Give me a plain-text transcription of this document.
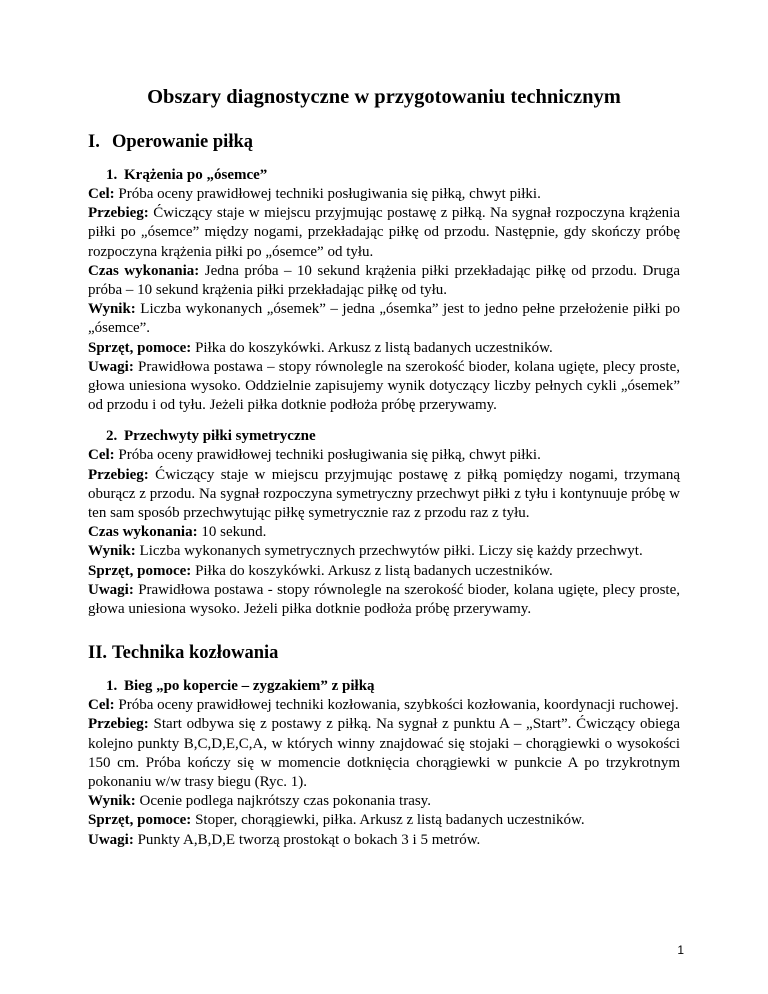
Obszary diagnostyczne w przygotowaniu technicznym
I. Operowanie piłką
1. Krążenia po „ósemce”

Cel: Próba oceny prawidłowej techniki posługiwania się piłką, chwyt piłki.

Przebieg: Ćwiczący staje w miejscu przyjmując postawę z piłką. Na sygnał rozpoczyna krążenia piłki po „ósemce” między nogami, przekładając piłkę od przodu. Następnie, gdy skończy próbę rozpoczyna krążenia piłki po „ósemce” od tyłu.

Czas wykonania: Jedna próba – 10 sekund krążenia piłki przekładając piłkę od przodu. Druga próba – 10 sekund krążenia piłki przekładając piłkę od tyłu.

Wynik: Liczba wykonanych „ósemek” – jedna „ósemka” jest to jedno pełne przełożenie piłki po „ósemce”.

Sprzęt, pomoce: Piłka do koszykówki. Arkusz z listą badanych uczestników.

Uwagi: Prawidłowa postawa – stopy równolegle na szerokość bioder, kolana ugięte, plecy proste, głowa uniesiona wysoko. Oddzielnie zapisujemy wynik dotyczący liczby pełnych cykli „ósemek” od przodu i od tyłu. Jeżeli piłka dotknie podłoża próbę przerywamy.

2. Przechwyty piłki symetryczne

Cel: Próba oceny prawidłowej techniki posługiwania się piłką, chwyt piłki.

Przebieg: Ćwiczący staje w miejscu przyjmując postawę z piłką pomiędzy nogami, trzymaną oburącz z przodu. Na sygnał rozpoczyna symetryczny przechwyt piłki z tyłu i kontynuuje próbę w ten sam sposób przechwytując piłkę symetrycznie raz z przodu raz z tyłu.

Czas wykonania: 10 sekund.

Wynik: Liczba wykonanych symetrycznych przechwytów piłki. Liczy się każdy przechwyt.

Sprzęt, pomoce: Piłka do koszykówki. Arkusz z listą badanych uczestników.

Uwagi: Prawidłowa postawa - stopy równolegle na szerokość bioder, kolana ugięte, plecy proste, głowa uniesiona wysoko. Jeżeli piłka dotknie podłoża próbę przerywamy.

II. Technika kozłowania
1. Bieg „po kopercie – zygzakiem” z piłką

Cel: Próba oceny prawidłowej techniki kozłowania, szybkości kozłowania, koordynacji ruchowej.

Przebieg: Start odbywa się z postawy z piłką. Na sygnał z punktu A – „Start”. Ćwiczący obiega kolejno punkty B,C,D,E,C,A, w których winny znajdować się stojaki – chorągiewki o wysokości 150 cm. Próba kończy się w momencie dotknięcia chorągiewki w punkcie A po trzykrotnym pokonaniu w/w trasy biegu (Ryc. 1).

Wynik: Ocenie podlega najkrótszy czas pokonania trasy.

Sprzęt, pomoce: Stoper, chorągiewki, piłka. Arkusz z listą badanych uczestników.

Uwagi: Punkty A,B,D,E tworzą prostokąt o bokach 3 i 5 metrów.

1
